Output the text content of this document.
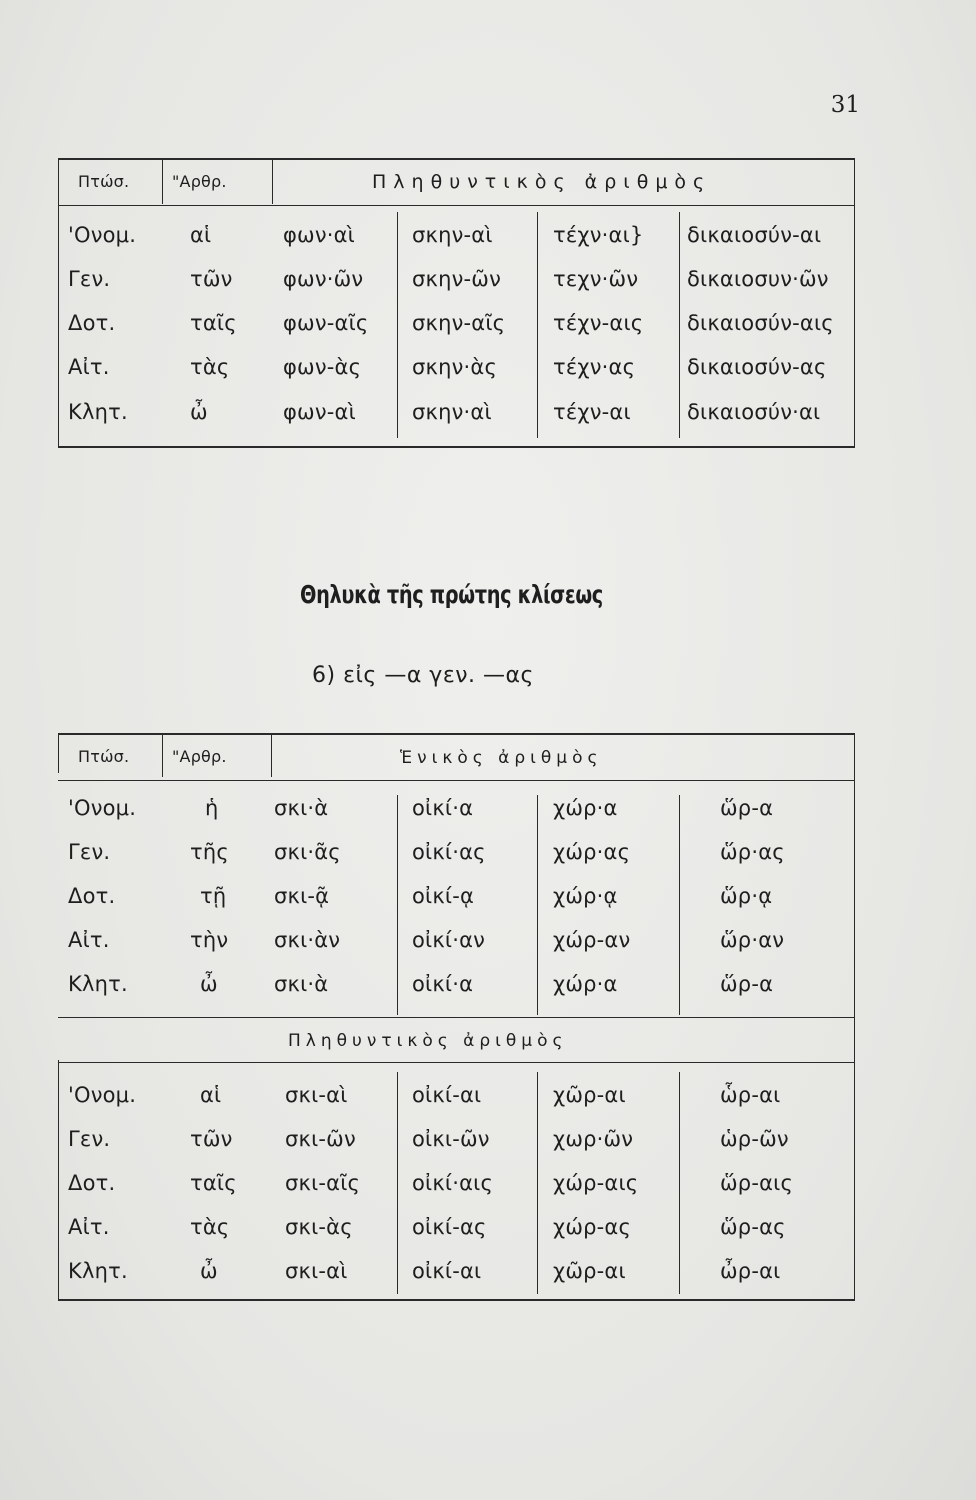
31
Πτώσ.	"Αρθρ.	Πληθυντικὸς ἀριθμὸς
'Ονομ.	αἱ	φων·αὶ	σκην-αὶ	τέχν·αι} δικαιοσύν-αι
Γεν.	τῶν φων·ῶν σκην-ῶν τεχν·ῶν δικαιοσυν·ῶν
Δοτ.	ταῖς φων-αῖς σκην-αῖς τέχν-αις δικαιοσύν-αις
Αἰτ.	τὰς	φων-ὰς σκην·ὰς	τέχν·ας δικαιοσύν-ας
Κλητ.	ὦ	φων-αὶ	σκην·αὶ	τέχν-αι	δικαιοσύν·αι
Θηλυκὰ τῆς πρώτης κλίσεως
6) εἰς —α γεν. —ας
Πτώσ.	"Αρθρ.	Ἑνικὸς ἀριθμὸς
'Ονομ.	ἡ	σκι·ὰ	οἰκί·α	χώρ·α	ὥρ-α
Γεν.	τῆς σκι·ᾶς	οἰκί·ας	χώρ·ας	ὥρ·ας
Δοτ.	τῇ σκι-ᾷ	οἰκί-ᾳ	χώρ·ᾳ	ὥρ·ᾳ
Αἰτ.	τὴν σκι·ὰν	οἰκί·αν	χώρ-αν	ὥρ·αν
Κλητ.	ὦ	σκι·ὰ	οἰκί·α	χώρ·α	ὥρ-α
Πληθυντικὸς ἀριθμὸς
'Ονομ.	αἱ	σκι-αὶ	οἰκί-αι	χῶρ-αι	ὧρ-αι
Γεν.	τῶν σκι-ῶν	οἰκι-ῶν	χωρ·ῶν	ὡρ-ῶν
Δοτ.	ταῖς σκι-αῖς οἰκί·αις	χώρ-αις	ὥρ-αις
Αἰτ.	τὰς	σκι-ὰς	οἰκί-ας	χώρ-ας	ὥρ-ας
Κλητ.	ὦ	σκι-αὶ	οἰκί-αι	χῶρ-αι	ὦρ-αι
